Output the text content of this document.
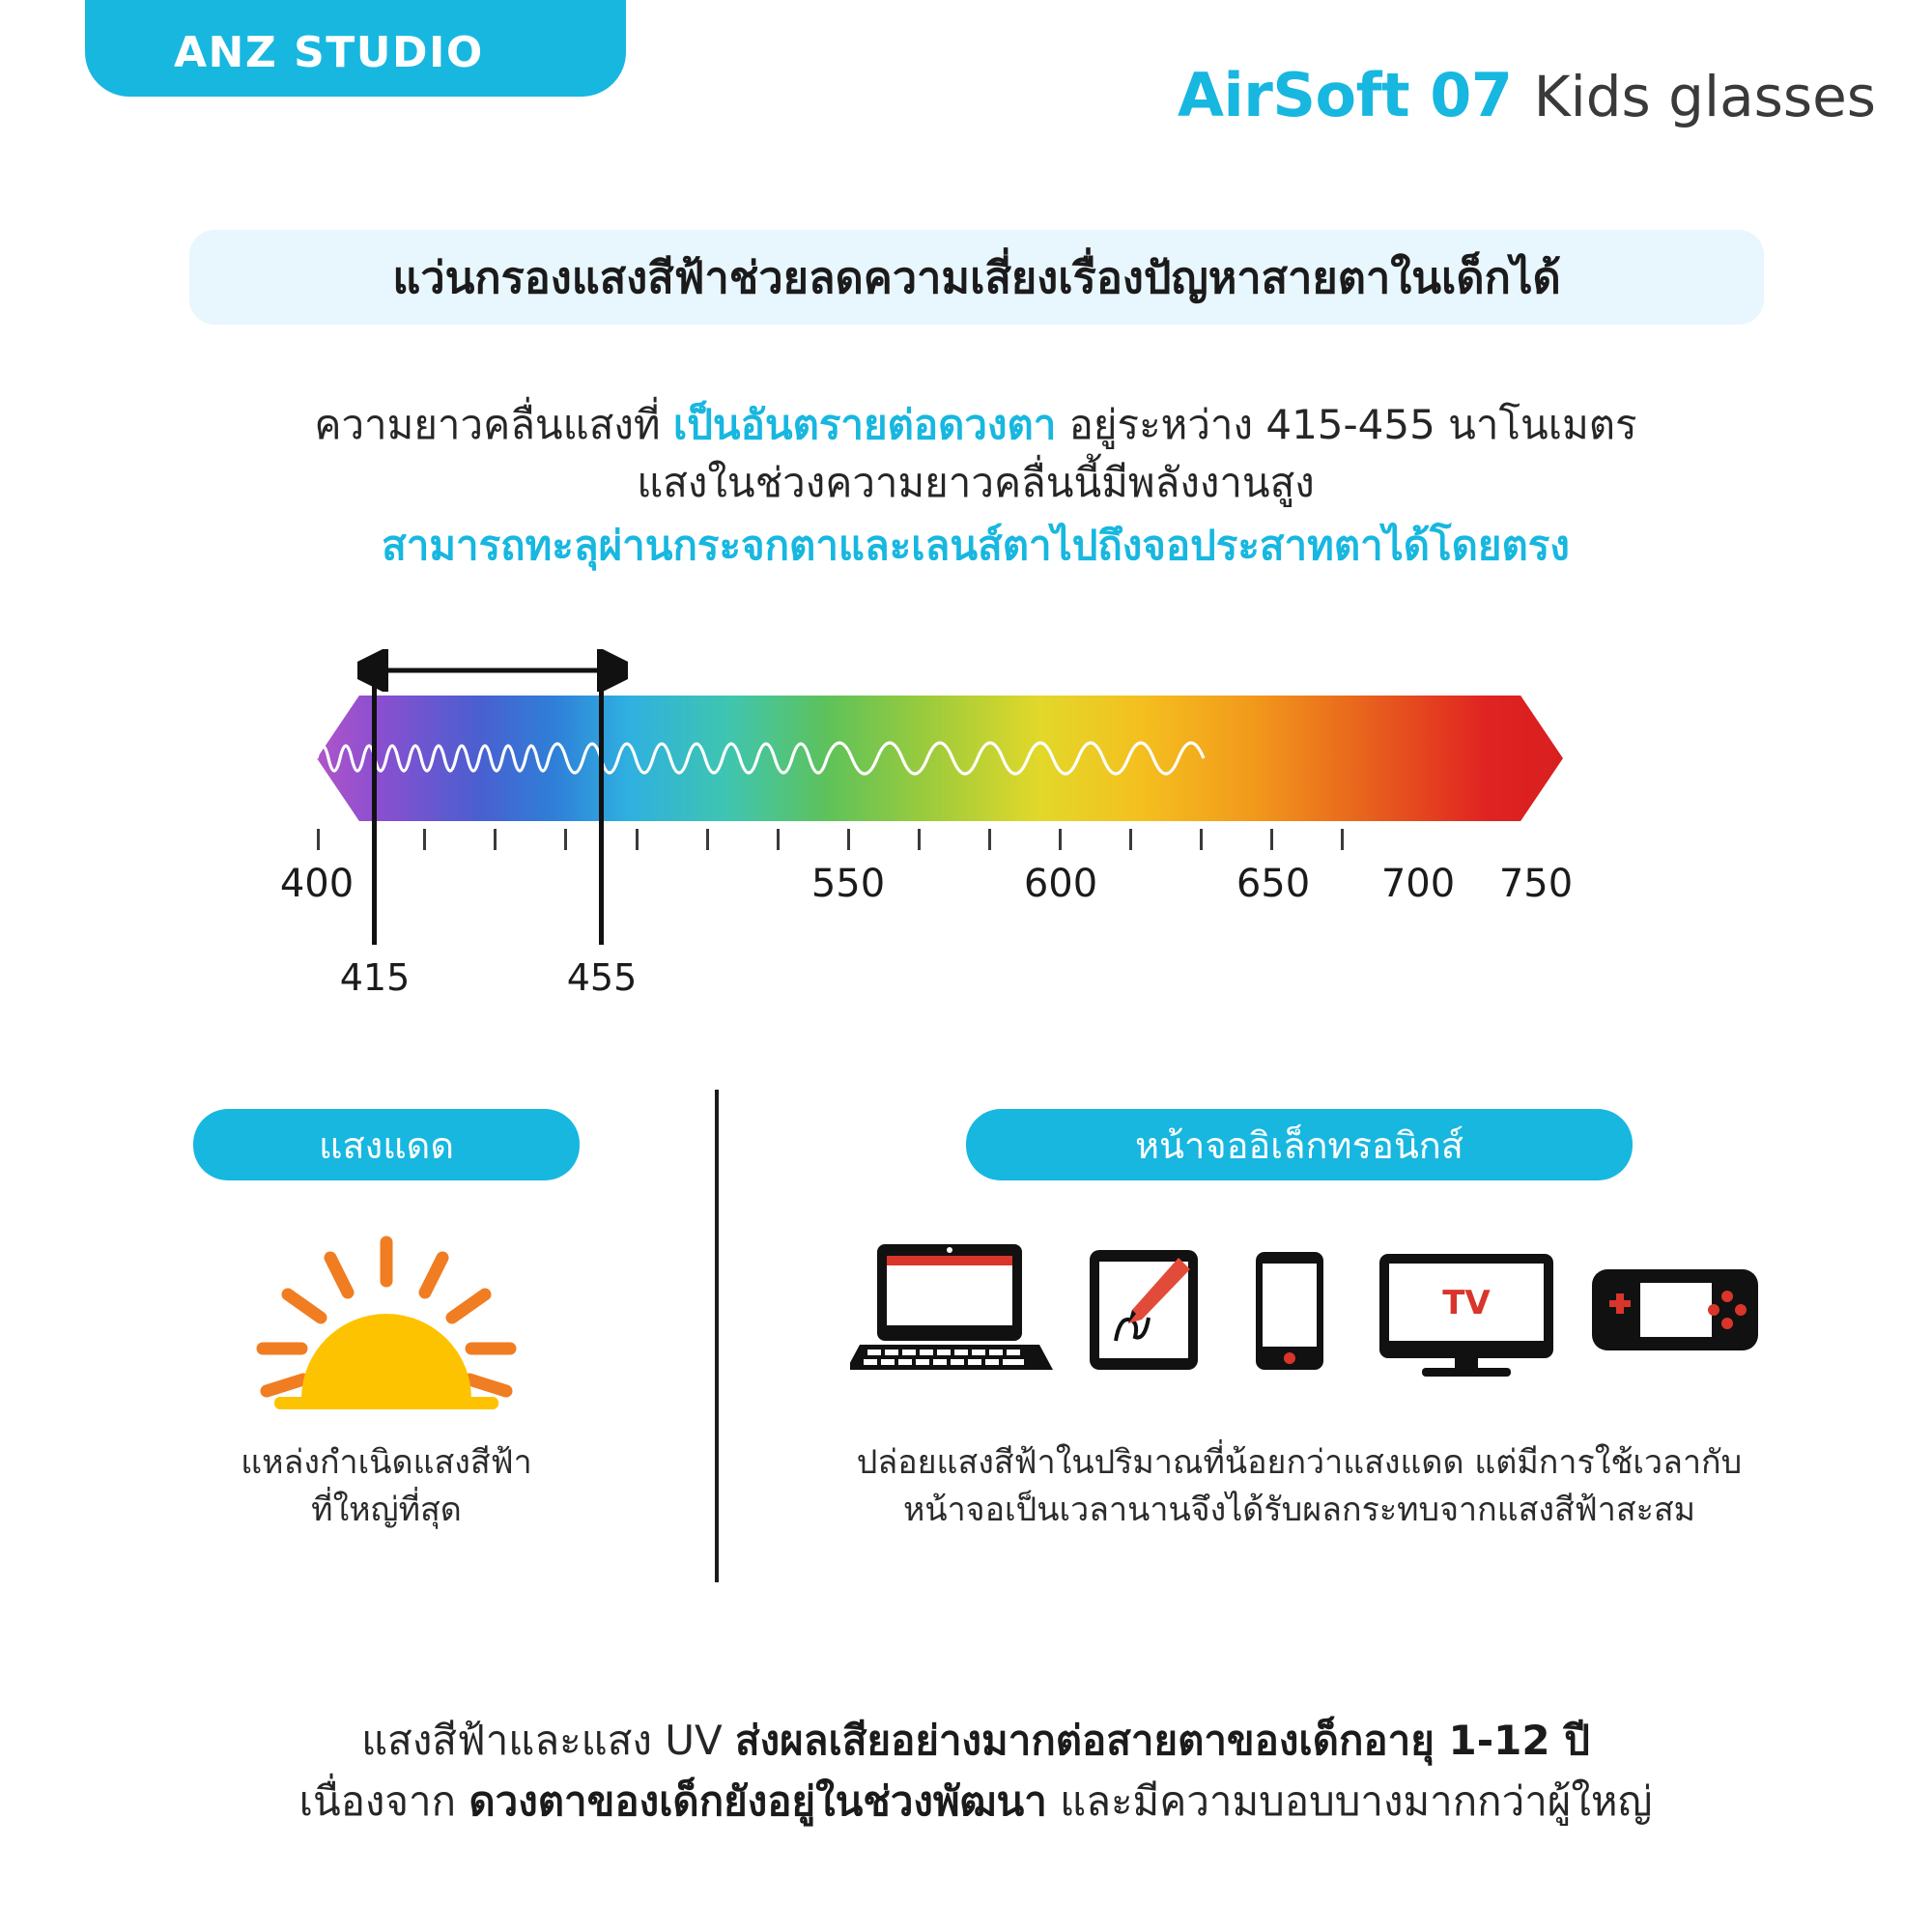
ANZ STUDIO
AirSoft 07 Kids glasses
แว่นกรองแสงสีฟ้าช่วยลดความเสี่ยงเรื่องปัญหาสายตาในเด็กได้
ความยาวคลื่นแสงที่ เป็นอันตรายต่อดวงตา อยู่ระหว่าง 415-455 นาโนเมตร
แสงในช่วงความยาวคลื่นนี้มีพลังงานสูง
สามารถทะลุผ่านกระจกตาและเลนส์ตาไปถึงจอประสาทตาได้โดยตรง
400	550	600	650 700 750
415	455
แสงแดด	หน้าจออิเล็กทรอนิกส์
แหล่งกำเนิดแสงสีฟ้า
ที่ใหญ่ที่สุด
TV
ปล่อยแสงสีฟ้าในปริมาณที่น้อยกว่าแสงแดด แต่มีการใช้เวลากับ
หน้าจอเป็นเวลานานจึงได้รับผลกระทบจากแสงสีฟ้าสะสม
แสงสีฟ้าและแสง UV ส่งผลเสียอย่างมากต่อสายตาของเด็กอายุ 1-12 ปี
เนื่องจาก ดวงตาของเด็กยังอยู่ในช่วงพัฒนา และมีความบอบบางมากกว่าผู้ใหญ่
